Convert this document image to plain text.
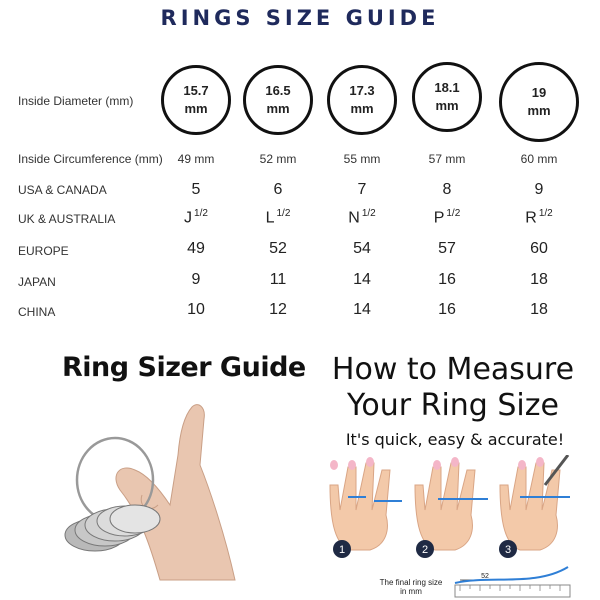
RINGS SIZE GUIDE
Inside Diameter (mm)
Inside Circumference (mm)
USA & CANADA
UK & AUSTRALIA
EUROPE
JAPAN
CHINA
15.7
mm
49 mm
5
J $^{1/2}$
49
9
10
16.5
mm
52 mm
6
L $^{1/2}$
52
11
12
17.3
mm
55 mm
7
N $^{1/2}$
54
14
14
18.1
mm
57 mm
8
P $^{1/2}$
57
16
16
19
mm
60 mm
9
R $^{1/2}$
60
18
18
Ring Sizer Guide How to Measure
Your Ring Size
It's quick, easy & accurate!
1	2	3
52
The final ring size in mm
